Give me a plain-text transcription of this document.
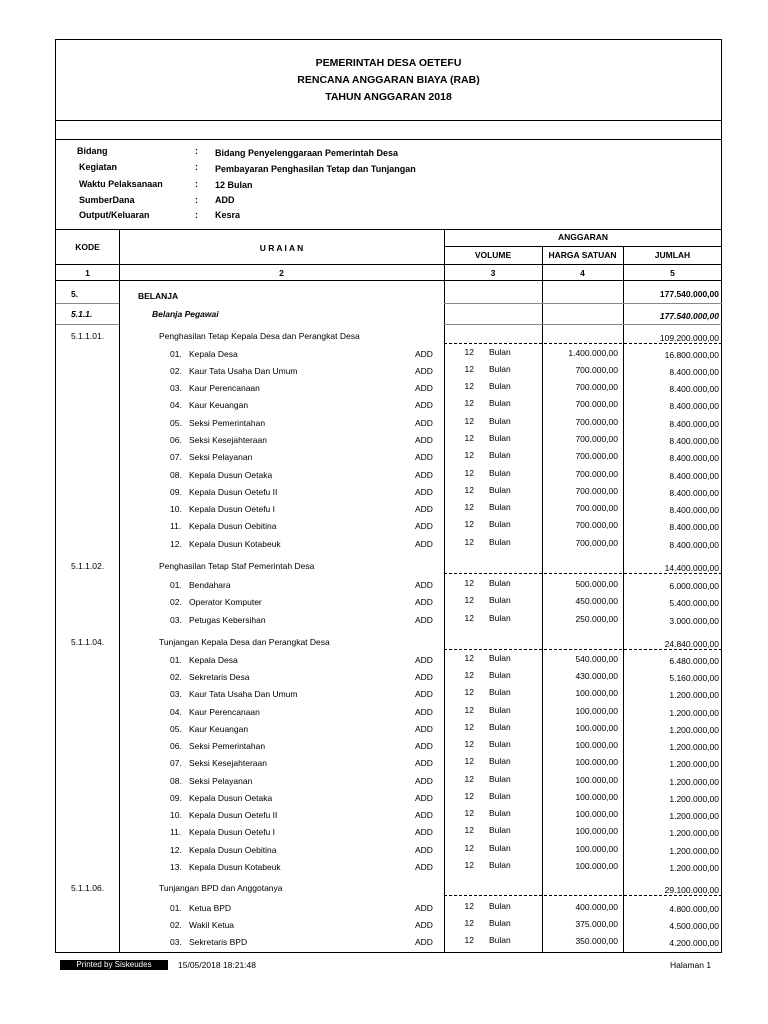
PEMERINTAH DESA OETEFU
RENCANA ANGGARAN BIAYA (RAB)
TAHUN ANGGARAN 2018
Bidang	: Bidang Penyelenggaraan Pemerintah Desa
Kegiatan	: Pembayaran Penghasilan Tetap dan Tunjangan
Waktu Pelaksanaan	: 12 Bulan
SumberDana	: ADD
Output/Keluaran	: Kesra
KODE	U R A I A N
ANGGARAN
VOLUME	HARGA SATUAN	JUMLAH
1	2	3	4	5
5.	BELANJA	177.540.000,00
5.1.1.	Belanja Pegawai	177.540.000,00
5.1.1.01.	Penghasilan Tetap Kepala Desa dan Perangkat Desa	109.200.000,00
01. Kepala Desa	ADD	12 Bulan	1.400.000,00	16.800.000,00
02. Kaur Tata Usaha Dan Umum	ADD	12 Bulan	700.000,00	8.400.000,00
03. Kaur Perencanaan	ADD	12 Bulan	700.000,00	8.400.000,00
04. Kaur Keuangan	ADD	12 Bulan	700.000,00	8.400.000,00
05. Seksi Pemerintahan	ADD	12 Bulan	700.000,00	8.400.000,00
06. Seksi Kesejahteraan	ADD	12 Bulan	700.000,00	8.400.000,00
07. Seksi Pelayanan	ADD	12 Bulan	700.000,00	8.400.000,00
08. Kepala Dusun Oetaka	ADD	12 Bulan	700.000,00	8.400.000,00
09. Kepala Dusun Oetefu II	ADD	12 Bulan	700.000,00	8.400.000,00
10. Kepala Dusun Oetefu I	ADD	12 Bulan	700.000,00	8.400.000,00
11. Kepala Dusun Oebitina	ADD	12 Bulan	700.000,00	8.400.000,00
12. Kepala Dusun Kotabeuk	ADD	12 Bulan	700.000,00	8.400.000,00
5.1.1.02.	Penghasilan Tetap Staf Pemerintah Desa	14.400.000,00
01. Bendahara	ADD	12 Bulan	500.000,00	6.000.000,00
02. Operator Komputer	ADD	12 Bulan	450.000,00	5.400.000,00
03. Petugas Kebersihan	ADD	12 Bulan	250.000,00	3.000.000,00
5.1.1.04.	Tunjangan Kepala Desa dan Perangkat Desa	24.840.000,00
01. Kepala Desa	ADD	12 Bulan	540.000,00	6.480.000,00
02. Sekretaris Desa	ADD	12 Bulan	430.000,00	5.160.000,00
03. Kaur Tata Usaha Dan Umum	ADD	12 Bulan	100.000,00	1.200.000,00
04. Kaur Perencanaan	ADD	12 Bulan	100.000,00	1.200.000,00
05. Kaur Keuangan	ADD	12 Bulan	100.000,00	1.200.000,00
06. Seksi Pemerintahan	ADD	12 Bulan	100.000,00	1.200.000,00
07. Seksi Kesejahteraan	ADD	12 Bulan	100.000,00	1.200.000,00
08. Seksi Pelayanan	ADD	12 Bulan	100.000,00	1.200.000,00
09. Kepala Dusun Oetaka	ADD	12 Bulan	100.000,00	1.200.000,00
10. Kepala Dusun Oetefu II	ADD	12 Bulan	100.000,00	1.200.000,00
11. Kepala Dusun Oetefu I	ADD	12 Bulan	100.000,00	1.200.000,00
12. Kepala Dusun Oebitina	ADD	12 Bulan	100.000,00	1.200.000,00
13. Kepala Dusun Kotabeuk	ADD	12 Bulan	100.000,00	1.200.000,00
5.1.1.06.	Tunjangan BPD dan Anggotanya	29.100.000,00
01. Ketua BPD	ADD	12 Bulan	400.000,00	4.800.000,00
02. Wakil Ketua	ADD	12 Bulan	375.000,00	4.500.000,00
03. Sekretaris BPD	ADD	12 Bulan	350.000,00	4.200.000,00
Printed by Siskeudes	15/05/2018 18:21:48	Halaman 1
